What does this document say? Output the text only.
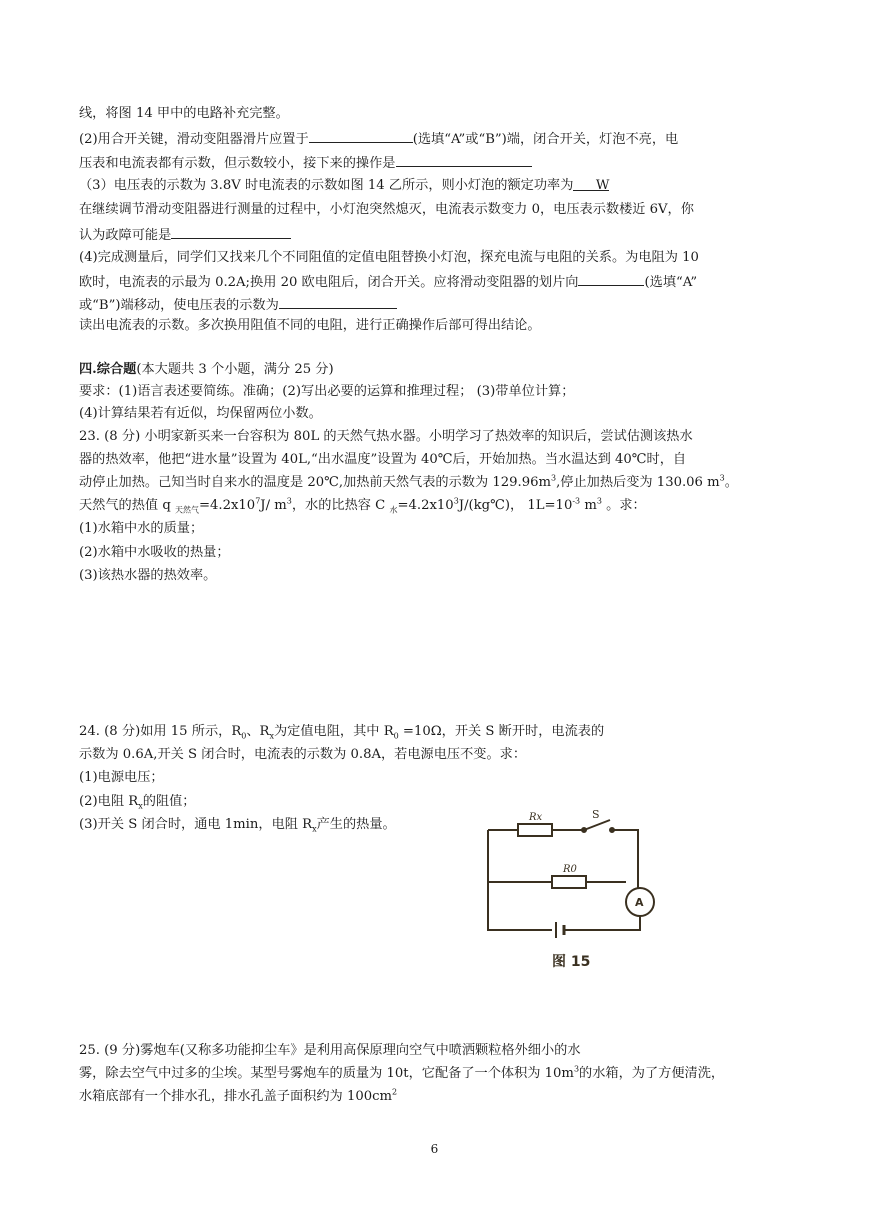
线，将图 14 甲中的电路补充完整。
(2)用合开关键，滑动变阻器滑片应置于	(选填“A”或“B”)端，闭合开关，灯泡不亮，电
压表和电流表都有示数，但示数较小，接下来的操作是
（3）电压表的示数为 3.8V 时电流表的示数如图 14 乙所示，则小灯泡的额定功率为 W
在继续调节滑动变阻器进行测量的过程中，小灯泡突然熄灭，电流表示数变力 0，电压表示数楼近 6V，你
认为政障可能是
(4)完成测量后，同学们又找来几个不同阻值的定值电阻替换小灯泡，探充电流与电阻的关系。为电阻为 10
欧时，电流表的示最为 0.2A;换用 20 欧电阻后，闭合开关。应将滑动变阻器的划片向	(选填“A”
或“B”)端移动，使电压表的示数为
读出电流表的示数。多次换用阻值不同的电阻，进行正确操作后部可得出结论。
四.综合题(本大题共 3 个小题，满分 25 分)
要求：(1)语言表述要简练。准确；(2)写出必要的运算和推理过程； (3)带单位计算；
(4)计算结果若有近似，均保留两位小数。
23. (8 分) 小明家新买来一台容积为 80L 的天然气热水器。小明学习了热效率的知识后，尝试估测该热水
器的热效率，他把“进水量”设置为 40L,“出水温度”设置为 40℃后，开始加热。当水温达到 40℃时，自
动停止加热。己知当时自来水的温度是 20℃,加热前天然气表的示数为 $129.96m^3$,停止加热后变为 130.06 $m^3$。
天然气的热值 q $_{天然气}=4.2x10^7J/$ $m^3$，水的比热容 C $_水=4.2x10^3J/(kg℃)$， $1L=10^{-3}$ $m^3$ 。求：
(1)水箱中水的质量；
(2)水箱中水吸收的热量；
(3)该热水器的热效率。
24. (8 分)如用 15 所示，$R_0$、$R_x$为定值电阻，其中 $R_0 =10\Omega$，开关 S 断开时，电流表的
示数为 0.6A,开关 S 闭合时，电流表的示数为 0.8A，若电源电压不变。求：
(1)电源电压；
(2)电阻 $R_x$的阻值；
(3)开关 S 闭合时，通电 1min，电阻 $R_x$产生的热量。	Rx
R0
S
A
图 15
25. (9 分)雾炮车(又称多功能抑尘车》是利用高保原理向空气中喷洒颗粒格外细小的水
雾，除去空气中过多的尘埃。某型号雾炮车的质量为 10t，它配备了一个体积为 $10m^3$的水箱，为了方便清洗，
水箱底部有一个排水孔，排水孔盖子面积约为 $100cm^2$
6
